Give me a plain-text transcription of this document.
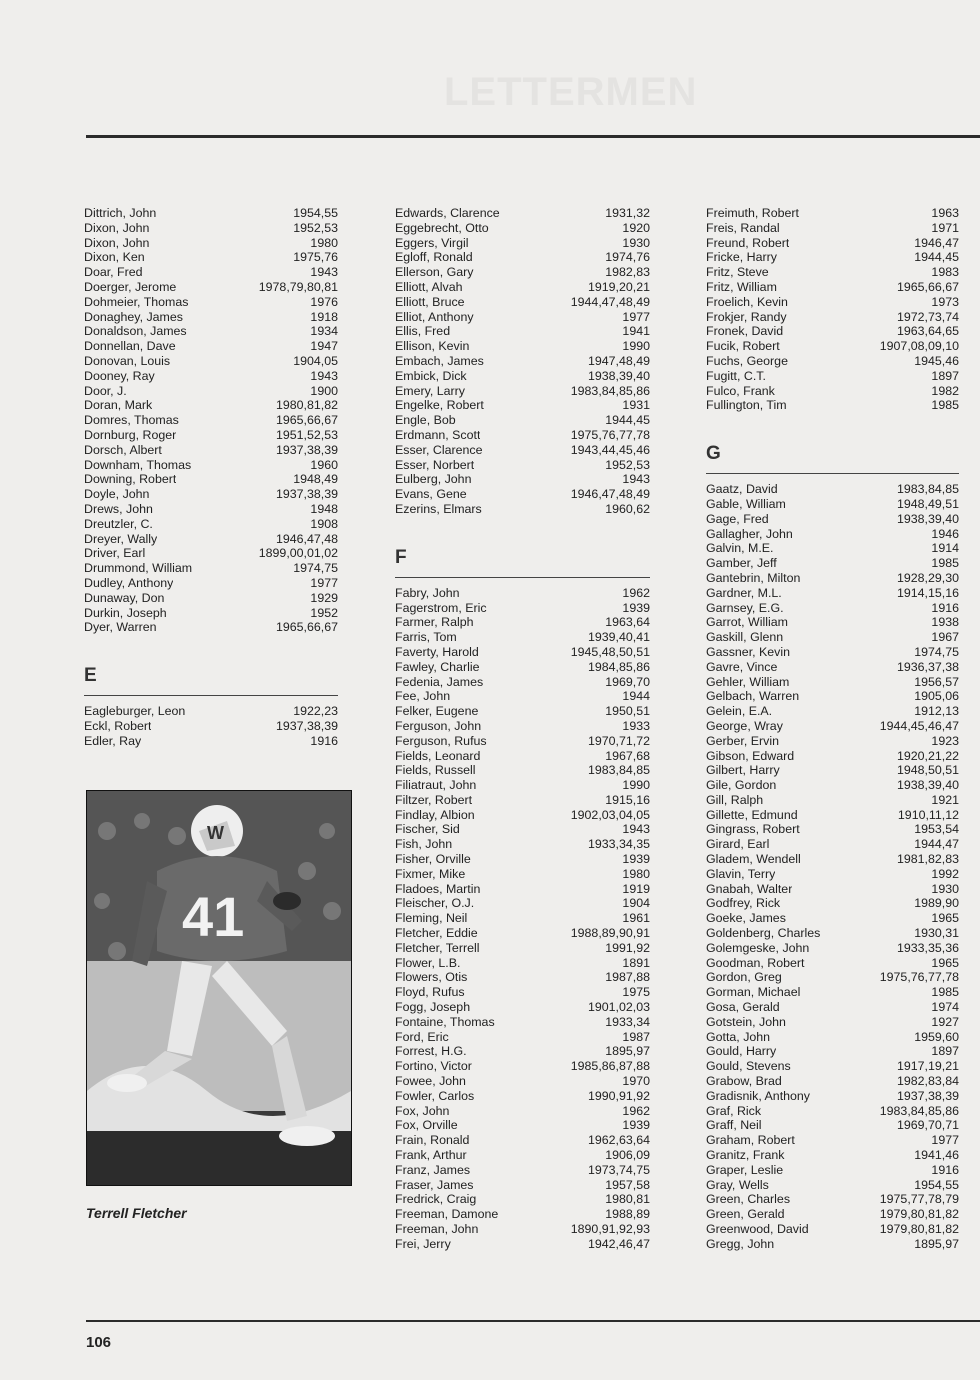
LETTERMEN
Dittrich, John	1954,55
Dixon, John	1952,53
Dixon, John	1980
Dixon, Ken	1975,76
Doar, Fred	1943
Doerger, Jerome	1978,79,80,81
Dohmeier, Thomas	1976
Donaghey, James	1918
Donaldson, James	1934
Donnellan, Dave	1947
Donovan, Louis	1904,05
Dooney, Ray	1943
Door, J.	1900
Doran, Mark	1980,81,82
Domres, Thomas	1965,66,67
Dornburg, Roger	1951,52,53
Dorsch, Albert	1937,38,39
Downham, Thomas	1960
Downing, Robert	1948,49
Doyle, John	1937,38,39
Drews, John	1948
Dreutzler, C.	1908
Dreyer, Wally	1946,47,48
Driver, Earl	1899,00,01,02
Drummond, William	1974,75
Dudley, Anthony	1977
Dunaway, Don	1929
Durkin, Joseph	1952
Dyer, Warren	1965,66,67
E
Eagleburger, Leon	1922,23
Eckl, Robert	1937,38,39
Edler, Ray	1916
W
41
Terrell Fletcher
Edwards, Clarence	1931,32
Eggebrecht, Otto	1920
Eggers, Virgil	1930
Egloff, Ronald	1974,76
Ellerson, Gary	1982,83
Elliott, Alvah	1919,20,21
Elliott, Bruce	1944,47,48,49
Elliot, Anthony	1977
Ellis, Fred	1941
Ellison, Kevin	1990
Embach, James	1947,48,49
Embick, Dick	1938,39,40
Emery, Larry	1983,84,85,86
Engelke, Robert	1931
Engle, Bob	1944,45
Erdmann, Scott	1975,76,77,78
Esser, Clarence	1943,44,45,46
Esser, Norbert	1952,53
Eulberg, John	1943
Evans, Gene	1946,47,48,49
Ezerins, Elmars	1960,62
F
Fabry, John	1962
Fagerstrom, Eric	1939
Farmer, Ralph	1963,64
Farris, Tom	1939,40,41
Faverty, Harold	1945,48,50,51
Fawley, Charlie	1984,85,86
Fedenia, James	1969,70
Fee, John	1944
Felker, Eugene	1950,51
Ferguson, John	1933
Ferguson, Rufus	1970,71,72
Fields, Leonard	1967,68
Fields, Russell	1983,84,85
Filiatraut, John	1990
Filtzer, Robert	1915,16
Findlay, Albion	1902,03,04,05
Fischer, Sid	1943
Fish, John	1933,34,35
Fisher, Orville	1939
Fixmer, Mike	1980
Fladoes, Martin	1919
Fleischer, O.J.	1904
Fleming, Neil	1961
Fletcher, Eddie	1988,89,90,91
Fletcher, Terrell	1991,92
Flower, L.B.	1891
Flowers, Otis	1987,88
Floyd, Rufus	1975
Fogg, Joseph	1901,02,03
Fontaine, Thomas	1933,34
Ford, Eric	1987
Forrest, H.G.	1895,97
Fortino, Victor	1985,86,87,88
Fowee, John	1970
Fowler, Carlos	1990,91,92
Fox, John	1962
Fox, Orville	1939
Frain, Ronald	1962,63,64
Frank, Arthur	1906,09
Franz, James	1973,74,75
Fraser, James	1957,58
Fredrick, Craig	1980,81
Freeman, Damone	1988,89
Freeman, John	1890,91,92,93
Frei, Jerry	1942,46,47
Freimuth, Robert	1963
Freis, Randal	1971
Freund, Robert	1946,47
Fricke, Harry	1944,45
Fritz, Steve	1983
Fritz, William	1965,66,67
Froelich, Kevin	1973
Frokjer, Randy	1972,73,74
Fronek, David	1963,64,65
Fucik, Robert	1907,08,09,10
Fuchs, George	1945,46
Fugitt, C.T.	1897
Fulco, Frank	1982
Fullington, Tim	1985
G
Gaatz, David	1983,84,85
Gable, William	1948,49,51
Gage, Fred	1938,39,40
Gallagher, John	1946
Galvin, M.E.	1914
Gamber, Jeff	1985
Gantebrin, Milton	1928,29,30
Gardner, M.L.	1914,15,16
Garnsey, E.G.	1916
Garrot, William	1938
Gaskill, Glenn	1967
Gassner, Kevin	1974,75
Gavre, Vince	1936,37,38
Gehler, William	1956,57
Gelbach, Warren	1905,06
Gelein, E.A.	1912,13
George, Wray	1944,45,46,47
Gerber, Ervin	1923
Gibson, Edward	1920,21,22
Gilbert, Harry	1948,50,51
Gile, Gordon	1938,39,40
Gill, Ralph	1921
Gillette, Edmund	1910,11,12
Gingrass, Robert	1953,54
Girard, Earl	1944,47
Gladem, Wendell	1981,82,83
Glavin, Terry	1992
Gnabah, Walter	1930
Godfrey, Rick	1989,90
Goeke, James	1965
Goldenberg, Charles	1930,31
Golemgeske, John	1933,35,36
Goodman, Robert	1965
Gordon, Greg	1975,76,77,78
Gorman, Michael	1985
Gosa, Gerald	1974
Gotstein, John	1927
Gotta, John	1959,60
Gould, Harry	1897
Gould, Stevens	1917,19,21
Grabow, Brad	1982,83,84
Gradisnik, Anthony	1937,38,39
Graf, Rick	1983,84,85,86
Graff, Neil	1969,70,71
Graham, Robert	1977
Granitz, Frank	1941,46
Graper, Leslie	1916
Gray, Wells	1954,55
Green, Charles	1975,77,78,79
Green, Gerald	1979,80,81,82
Greenwood, David	1979,80,81,82
Gregg, John	1895,97
106
